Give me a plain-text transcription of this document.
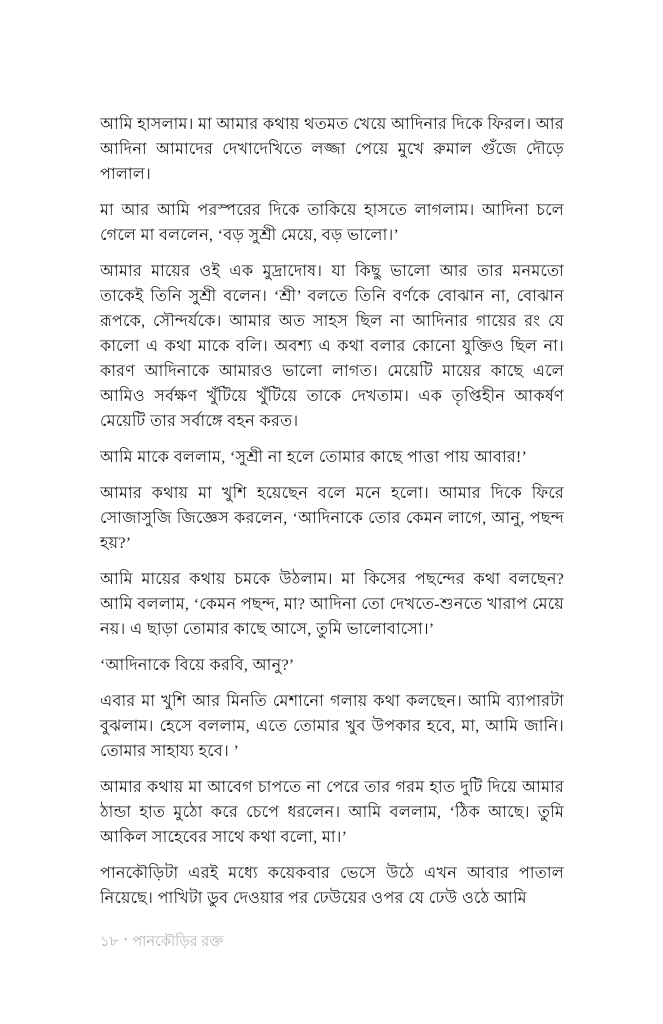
আমি হাসলাম। মা আমার কথায় থতমত খেয়ে আদিনার দিকে ফিরল। আর আদিনা আমাদের দেখাদেখিতে লজ্জা পেয়ে মুখে রুমাল গুঁজে দৌড়ে পালাল।

মা আর আমি পরস্পরের দিকে তাকিয়ে হাসতে লাগলাম। আদিনা চলে গেলে মা বললেন, ‘বড় সুশ্রী মেয়ে, বড় ভালো।’

আমার মায়ের ওই এক মুদ্রাদোষ। যা কিছু ভালো আর তার মনমতো তাকেই তিনি সুশ্রী বলেন। ‘শ্রী’ বলতে তিনি বর্ণকে বোঝান না, বোঝান রূপকে, সৌন্দর্যকে। আমার অত সাহস ছিল না আদিনার গায়ের রং যে কালো এ কথা মাকে বলি। অবশ্য এ কথা বলার কোনো যুক্তিও ছিল না। কারণ আদিনাকে আমারও ভালো লাগত। মেয়েটি মায়ের কাছে এলে আমিও সর্বক্ষণ খুঁটিয়ে খুঁটিয়ে তাকে দেখতাম। এক তৃপ্তিহীন আকর্ষণ মেয়েটি তার সর্বাঙ্গে বহন করত।

আমি মাকে বললাম, ‘সুশ্রী না হলে তোমার কাছে পাত্তা পায় আবার!’

আমার কথায় মা খুশি হয়েছেন বলে মনে হলো। আমার দিকে ফিরে সোজাসুজি জিজ্ঞেস করলেন, ‘আদিনাকে তোর কেমন লাগে, আনু, পছন্দ হয়?’

আমি মায়ের কথায় চমকে উঠলাম। মা কিসের পছন্দের কথা বলছেন? আমি বললাম, ‘কেমন পছন্দ, মা? আদিনা তো দেখতে-শুনতে খারাপ মেয়ে নয়। এ ছাড়া তোমার কাছে আসে, তুমি ভালোবাসো।’

‘আদিনাকে বিয়ে করবি, আনু?’

এবার মা খুশি আর মিনতি মেশানো গলায় কথা কলছেন। আমি ব্যাপারটা বুঝলাম। হেসে বললাম, এতে তোমার খুব উপকার হবে, মা, আমি জানি। তোমার সাহায্য হবে। ’

আমার কথায় মা আবেগ চাপতে না পেরে তার গরম হাত দুটি দিয়ে আমার ঠান্ডা হাত মুঠো করে চেপে ধরলেন। আমি বললাম, ‘ঠিক আছে। তুমি আকিল সাহেবের সাথে কথা বলো, মা।’

পানকৌড়িটা এরই মধ্যে কয়েকবার ভেসে উঠে এখন আবার পাতাল নিয়েছে। পাখিটা ডুব দেওয়ার পর ঢেউয়ের ওপর যে ঢেউ ওঠে আমি

১৮ • পানকৌড়ির রক্ত
